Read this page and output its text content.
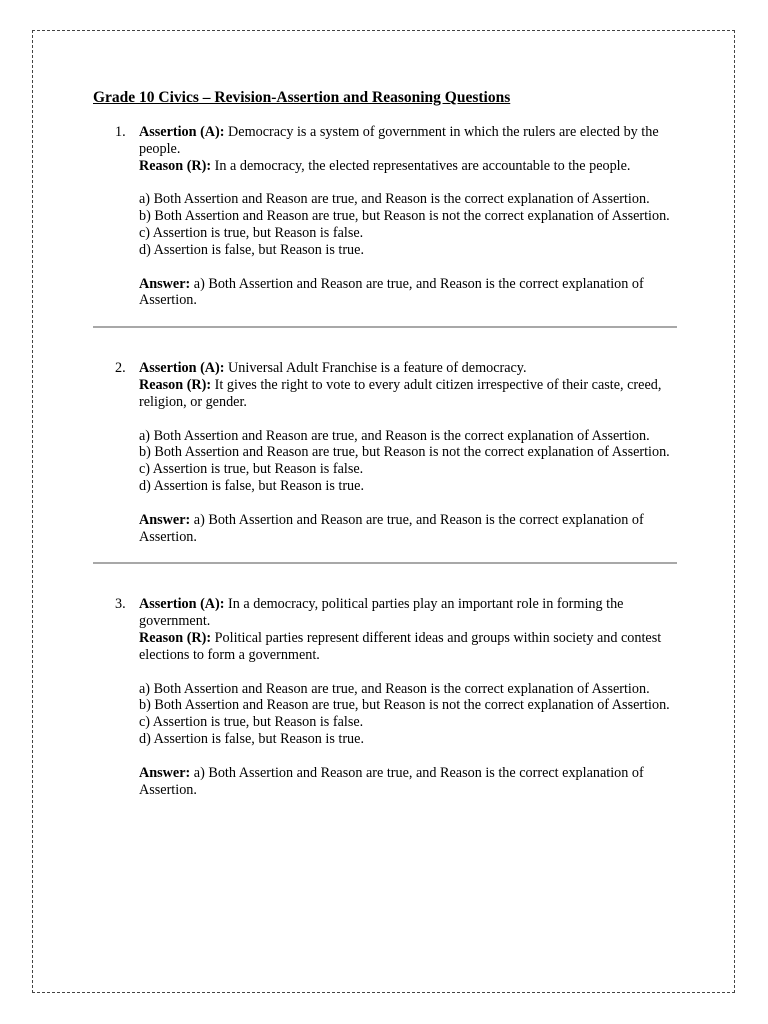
Grade 10 Civics – Revision-Assertion and Reasoning Questions
1. Assertion (A): Democracy is a system of government in which the rulers are elected by the people.

Reason (R): In a democracy, the elected representatives are accountable to the people.

a) Both Assertion and Reason are true, and Reason is the correct explanation of Assertion.

b) Both Assertion and Reason are true, but Reason is not the correct explanation of Assertion.

c) Assertion is true, but Reason is false.

d) Assertion is false, but Reason is true.

Answer: a) Both Assertion and Reason are true, and Reason is the correct explanation of Assertion.

2. Assertion (A): Universal Adult Franchise is a feature of democracy.

Reason (R): It gives the right to vote to every adult citizen irrespective of their caste, creed, religion, or gender.

a) Both Assertion and Reason are true, and Reason is the correct explanation of Assertion.

b) Both Assertion and Reason are true, but Reason is not the correct explanation of Assertion.

c) Assertion is true, but Reason is false.

d) Assertion is false, but Reason is true.

Answer: a) Both Assertion and Reason are true, and Reason is the correct explanation of Assertion.

3. Assertion (A): In a democracy, political parties play an important role in forming the government.

Reason (R): Political parties represent different ideas and groups within society and contest elections to form a government.

a) Both Assertion and Reason are true, and Reason is the correct explanation of Assertion.

b) Both Assertion and Reason are true, but Reason is not the correct explanation of Assertion.

c) Assertion is true, but Reason is false.

d) Assertion is false, but Reason is true.

Answer: a) Both Assertion and Reason are true, and Reason is the correct explanation of Assertion.
